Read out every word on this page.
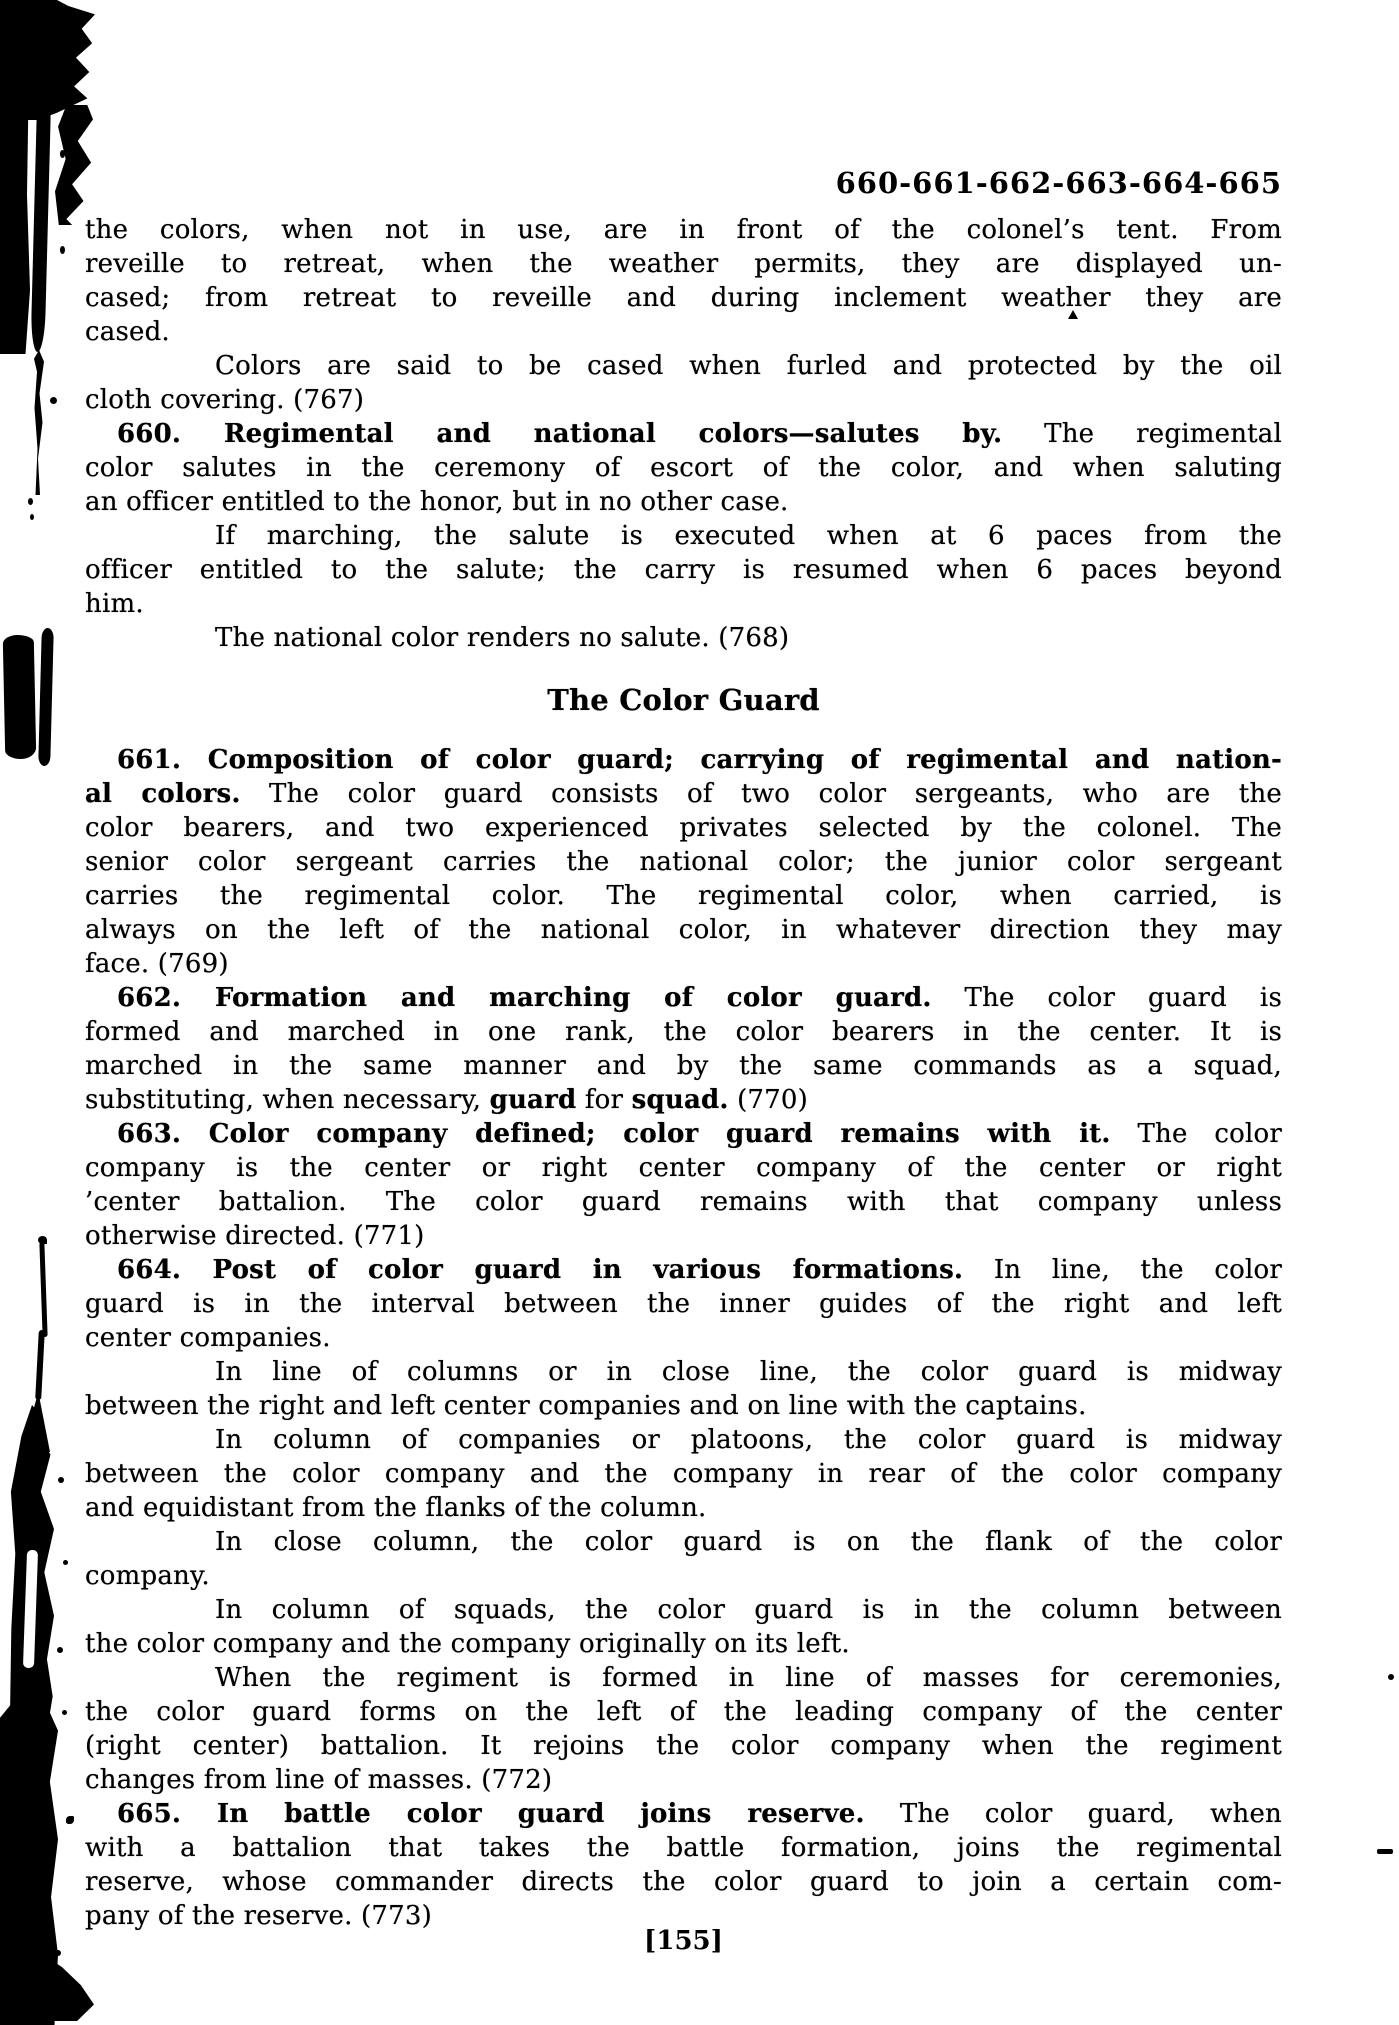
660-661-662-663-664-665
the colors, when not in use, are in front of the colonel’s tent. From
reveille to retreat, when the weather permits, they are displayed un-
cased; from retreat to reveille and during inclement weather they are
cased.
Colors are said to be cased when furled and protected by the oil
cloth covering. (767)
660. Regimental and national colors—salutes by. The regimental
color salutes in the ceremony of escort of the color, and when saluting
an officer entitled to the honor, but in no other case.
If marching, the salute is executed when at 6 paces from the
officer entitled to the salute; the carry is resumed when 6 paces beyond
him.
The national color renders no salute. (768)
The Color Guard
661. Composition of color guard; carrying of regimental and nation-
al colors. The color guard consists of two color sergeants, who are the
color bearers, and two experienced privates selected by the colonel. The
senior color sergeant carries the national color; the junior color sergeant
carries the regimental color. The regimental color, when carried, is
always on the left of the national color, in whatever direction they may
face. (769)
662. Formation and marching of color guard. The color guard is
formed and marched in one rank, the color bearers in the center. It is
marched in the same manner and by the same commands as a squad,
substituting, when necessary, guard for squad. (770)
663. Color company defined; color guard remains with it. The color
company is the center or right center company of the center or right
’center battalion. The color guard remains with that company unless
otherwise directed. (771)
664. Post of color guard in various formations. In line, the color
guard is in the interval between the inner guides of the right and left
center companies.
In line of columns or in close line, the color guard is midway
between the right and left center companies and on line with the captains.
In column of companies or platoons, the color guard is midway
between the color company and the company in rear of the color company
and equidistant from the flanks of the column.
In close column, the color guard is on the flank of the color
company.
In column of squads, the color guard is in the column between
the color company and the company originally on its left.
When the regiment is formed in line of masses for ceremonies,
the color guard forms on the left of the leading company of the center
(right center) battalion. It rejoins the color company when the regiment
changes from line of masses. (772)
665. In battle color guard joins reserve. The color guard, when
with a battalion that takes the battle formation, joins the regimental
reserve, whose commander directs the color guard to join a certain com-
pany of the reserve. (773)
[155]
